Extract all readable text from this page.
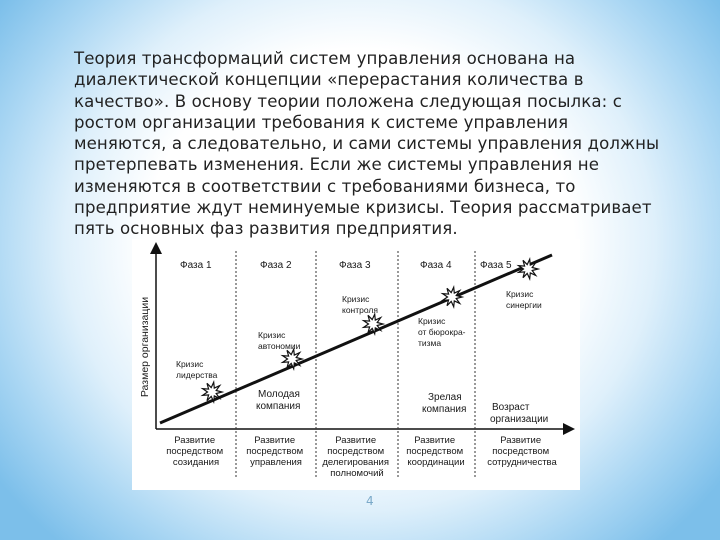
Теория трансформаций систем управления основана на диалектической концепции «перерастания количества в качество». В основу теории положена следующая посылка: с ростом организации требования к системе управления меняются, а следовательно, и сами системы управления должны претерпевать изменения. Если же системы управления не изменяются в соответствии с требованиями бизнеса, то предприятие ждут неминуемые кризисы. Теория рассматривает пять основных фаз развития предприятия.
Размер организации
Фаза 1	Фаза 2	Фаза 3	Фаза 4	Фаза 5
Кризис лидерства
Кризис автономии
Кризис контроля
Кризис от бюрокра- тизма
Кризис синергии
Молодая компания
Зрелая компания	Возраст организации
Развитие посредством созидания
Развитие посредством управления
Развитие посредством делегирования полномочий
Развитие посредством координации
Развитие посредством сотрудничества
4
